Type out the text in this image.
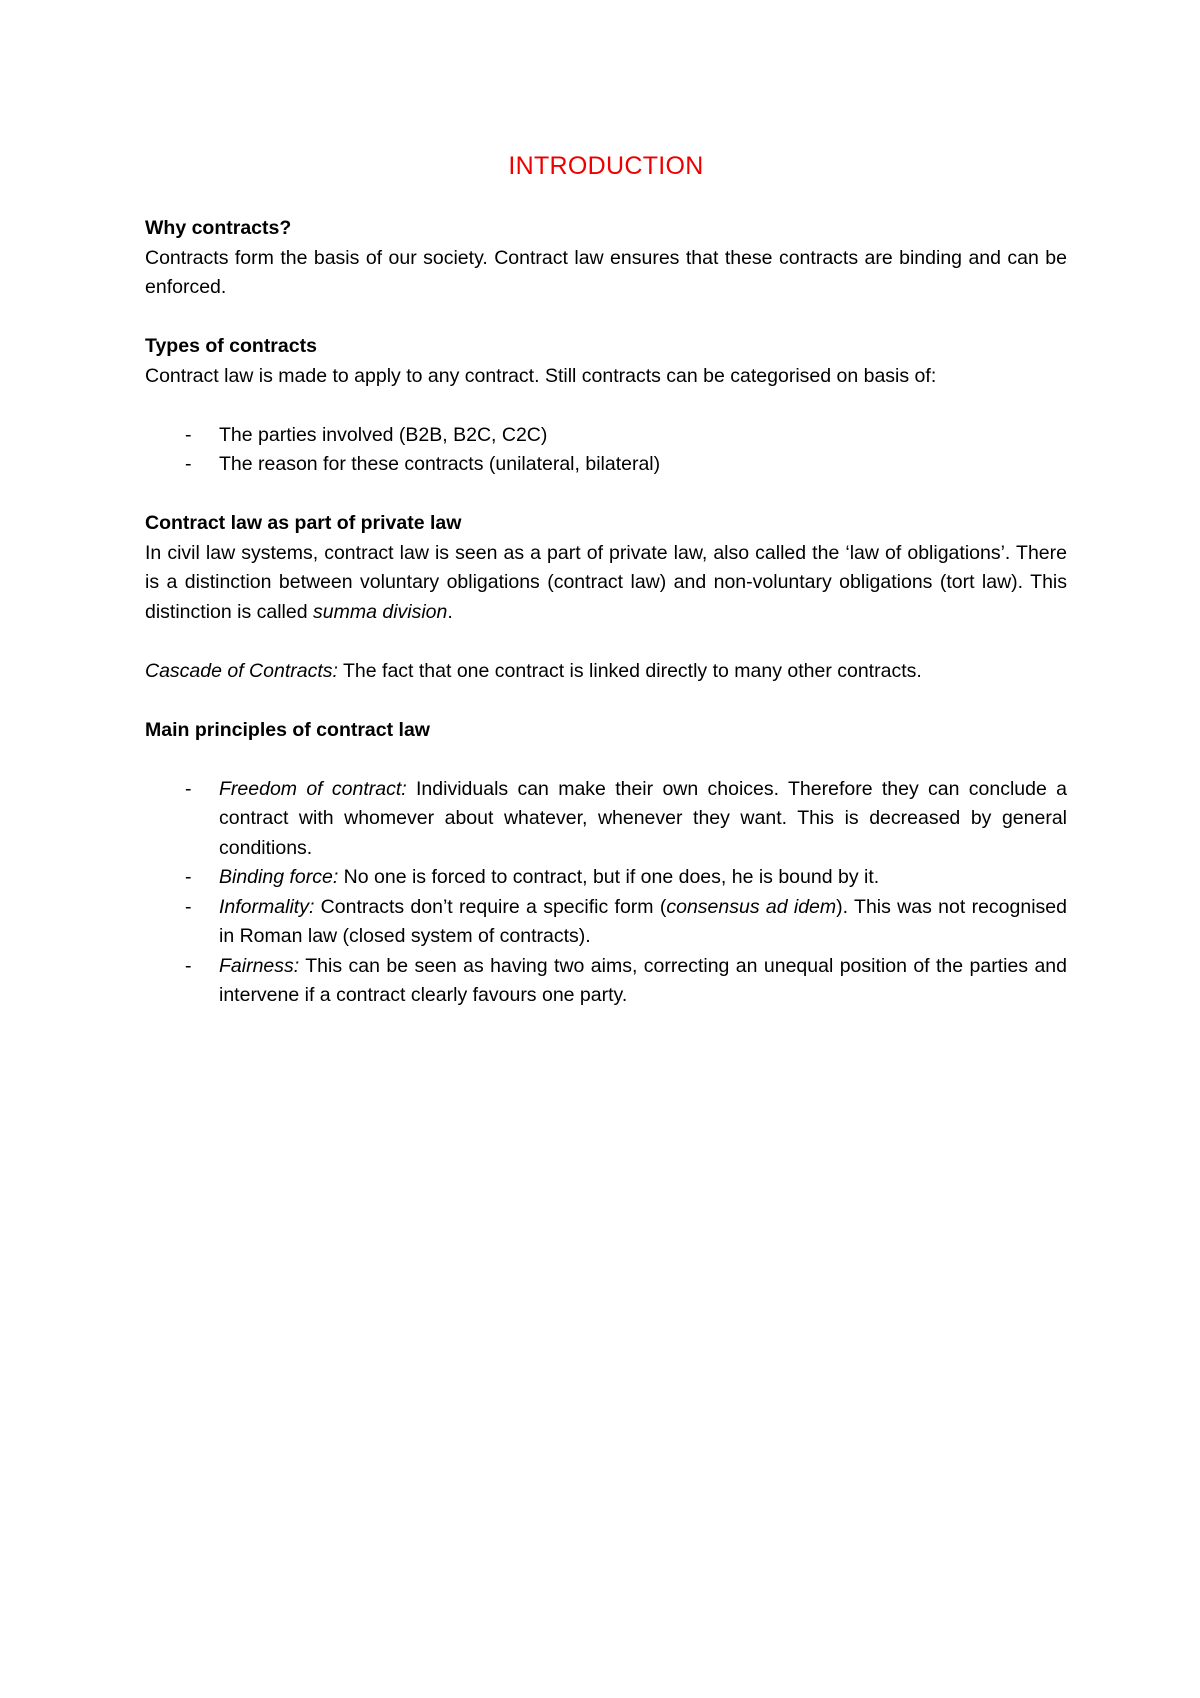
INTRODUCTION

Why contracts?

Contracts form the basis of our society. Contract law ensures that these contracts are binding and can be enforced.

Types of contracts

Contract law is made to apply to any contract. Still contracts can be categorised on basis of:

- The parties involved (B2B, B2C, C2C)
- The reason for these contracts (unilateral, bilateral)

Contract law as part of private law

In civil law systems, contract law is seen as a part of private law, also called the ‘law of obligations’. There is a distinction between voluntary obligations (contract law) and non-voluntary obligations (tort law). This distinction is called summa division.

Cascade of Contracts: The fact that one contract is linked directly to many other contracts.

Main principles of contract law

- Freedom of contract: Individuals can make their own choices. Therefore they can conclude a contract with whomever about whatever, whenever they want. This is decreased by general conditions.
- Binding force: No one is forced to contract, but if one does, he is bound by it.
- Informality: Contracts don’t require a specific form (consensus ad idem). This was not recognised in Roman law (closed system of contracts).
- Fairness: This can be seen as having two aims, correcting an unequal position of the parties and intervene if a contract clearly favours one party.
